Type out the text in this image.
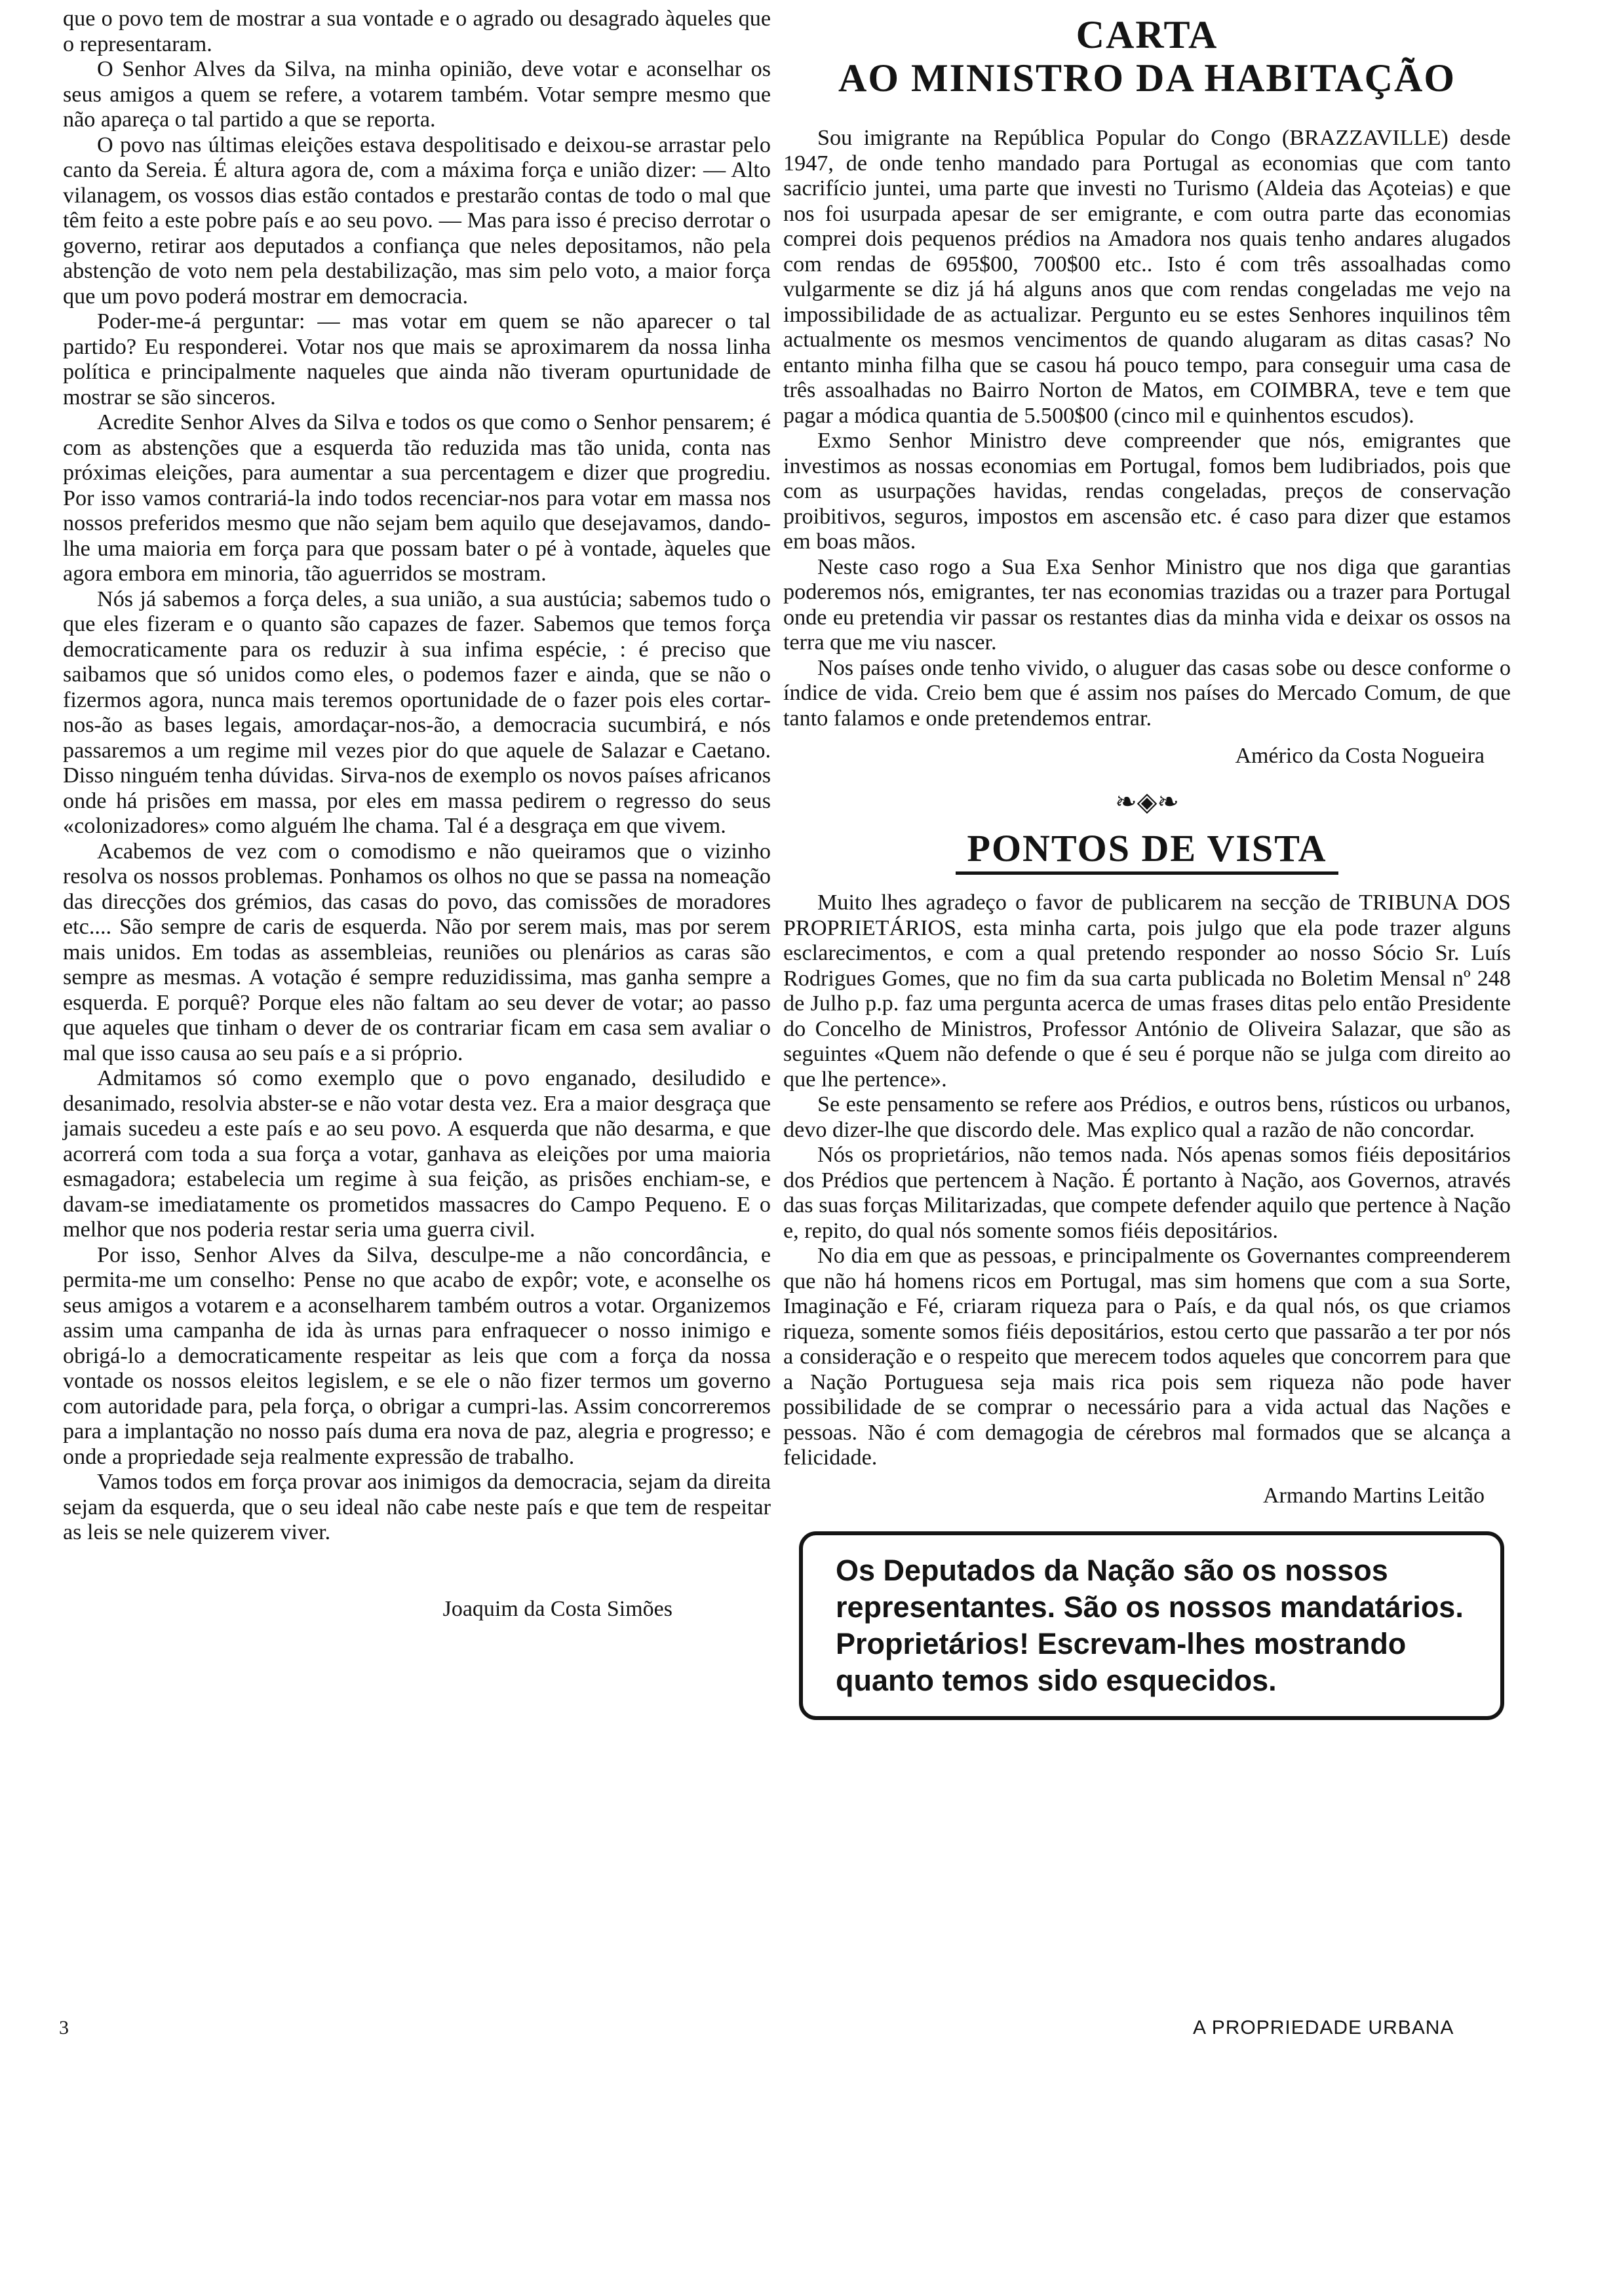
que o povo tem de mostrar a sua vontade e o agrado ou desagrado àqueles que o representaram.

O Senhor Alves da Silva, na minha opinião, deve votar e aconselhar os seus amigos a quem se refere, a votarem também. Votar sempre mesmo que não apareça o tal partido a que se reporta.

O povo nas últimas eleições estava despolitisado e deixou-se arrastar pelo canto da Sereia. É altura agora de, com a máxima força e união dizer: — Alto vilanagem, os vossos dias estão contados e prestarão contas de todo o mal que têm feito a este pobre país e ao seu povo. — Mas para isso é preciso derrotar o governo, retirar aos deputados a confiança que neles depositamos, não pela abstenção de voto nem pela destabilização, mas sim pelo voto, a maior força que um povo poderá mostrar em democracia.

Poder-me-á perguntar: — mas votar em quem se não aparecer o tal partido? Eu responderei. Votar nos que mais se aproximarem da nossa linha política e principalmente naqueles que ainda não tiveram opurtunidade de mostrar se são sinceros.

Acredite Senhor Alves da Silva e todos os que como o Senhor pensarem; é com as abstenções que a esquerda tão reduzida mas tão unida, conta nas próximas eleições, para aumentar a sua percentagem e dizer que progrediu. Por isso vamos contrariá-la indo todos recenciar-nos para votar em massa nos nossos preferidos mesmo que não sejam bem aquilo que desejavamos, dando-lhe uma maioria em força para que possam bater o pé à vontade, àqueles que agora embora em minoria, tão aguerridos se mostram.

Nós já sabemos a força deles, a sua união, a sua austúcia; sabemos tudo o que eles fizeram e o quanto são capazes de fazer. Sabemos que temos força democraticamente para os reduzir à sua infima espécie, : é preciso que saibamos que só unidos como eles, o podemos fazer e ainda, que se não o fizermos agora, nunca mais teremos oportunidade de o fazer pois eles cortar-nos-ão as bases legais, amordaçar-nos-ão, a democracia sucumbirá, e nós passaremos a um regime mil vezes pior do que aquele de Salazar e Caetano. Disso ninguém tenha dúvidas. Sirva-nos de exemplo os novos países africanos onde há prisões em massa, por eles em massa pedirem o regresso do seus «colonizadores» como alguém lhe chama. Tal é a desgraça em que vivem.

Acabemos de vez com o comodismo e não queiramos que o vizinho resolva os nossos problemas. Ponhamos os olhos no que se passa na nomeação das direcções dos grémios, das casas do povo, das comissões de moradores etc.... São sempre de caris de esquerda. Não por serem mais, mas por serem mais unidos. Em todas as assembleias, reuniões ou plenários as caras são sempre as mesmas. A votação é sempre reduzidissima, mas ganha sempre a esquerda. E porquê? Porque eles não faltam ao seu dever de votar; ao passo que aqueles que tinham o dever de os contrariar ficam em casa sem avaliar o mal que isso causa ao seu país e a si próprio.

Admitamos só como exemplo que o povo enganado, desiludido e desanimado, resolvia abster-se e não votar desta vez. Era a maior desgraça que jamais sucedeu a este país e ao seu povo. A esquerda que não desarma, e que acorrerá com toda a sua força a votar, ganhava as eleições por uma maioria esmagadora; estabelecia um regime à sua feição, as prisões enchiam-se, e davam-se imediatamente os prometidos massacres do Campo Pequeno. E o melhor que nos poderia restar seria uma guerra civil.

Por isso, Senhor Alves da Silva, desculpe-me a não concordância, e permita-me um conselho: Pense no que acabo de expôr; vote, e aconselhe os seus amigos a votarem e a aconselharem também outros a votar. Organizemos assim uma campanha de ida às urnas para enfraquecer o nosso inimigo e obrigá-lo a democraticamente respeitar as leis que com a força da nossa vontade os nossos eleitos legislem, e se ele o não fizer termos um governo com autoridade para, pela força, o obrigar a cumpri-las. Assim concorreremos para a implantação no nosso país duma era nova de paz, alegria e progresso; e onde a propriedade seja realmente expressão de trabalho.

Vamos todos em força provar aos inimigos da democracia, sejam da direita sejam da esquerda, que o seu ideal não cabe neste país e que tem de respeitar as leis se nele quizerem viver.

Joaquim da Costa Simões
CARTA
AO MINISTRO DA HABITAÇÃO

Sou imigrante na República Popular do Congo (BRAZZAVILLE) desde 1947, de onde tenho mandado para Portugal as economias que com tanto sacrifício juntei, uma parte que investi no Turismo (Aldeia das Açoteias) e que nos foi usurpada apesar de ser emigrante, e com outra parte das economias comprei dois pequenos prédios na Amadora nos quais tenho andares alugados com rendas de 695$00, 700$00 etc.. Isto é com três assoalhadas como vulgarmente se diz já há alguns anos que com rendas congeladas me vejo na impossibilidade de as actualizar. Pergunto eu se estes Senhores inquilinos têm actualmente os mesmos vencimentos de quando alugaram as ditas casas? No entanto minha filha que se casou há pouco tempo, para conseguir uma casa de três assoalhadas no Bairro Norton de Matos, em COIMBRA, teve e tem que pagar a módica quantia de 5.500$00 (cinco mil e quinhentos escudos).

Exmo Senhor Ministro deve compreender que nós, emigrantes que investimos as nossas economias em Portugal, fomos bem ludibriados, pois que com as usurpações havidas, rendas congeladas, preços de conservação proibitivos, seguros, impostos em ascensão etc. é caso para dizer que estamos em boas mãos.

Neste caso rogo a Sua Exa Senhor Ministro que nos diga que garantias poderemos nós, emigrantes, ter nas economias trazidas ou a trazer para Portugal onde eu pretendia vir passar os restantes dias da minha vida e deixar os ossos na terra que me viu nascer.

Nos países onde tenho vivido, o aluguer das casas sobe ou desce conforme o índice de vida. Creio bem que é assim nos países do Mercado Comum, de que tanto falamos e onde pretendemos entrar.

Américo da Costa Nogueira
❧◈❧
PONTOS DE VISTA

Muito lhes agradeço o favor de publicarem na secção de TRIBUNA DOS PROPRIETÁRIOS, esta minha carta, pois julgo que ela pode trazer alguns esclarecimentos, e com a qual pretendo responder ao nosso Sócio Sr. Luís Rodrigues Gomes, que no fim da sua carta publicada no Boletim Mensal nº 248 de Julho p.p. faz uma pergunta acerca de umas frases ditas pelo então Presidente do Concelho de Ministros, Professor António de Oliveira Salazar, que são as seguintes «Quem não defende o que é seu é porque não se julga com direito ao que lhe pertence».

Se este pensamento se refere aos Prédios, e outros bens, rústicos ou urbanos, devo dizer-lhe que discordo dele. Mas explico qual a razão de não concordar.

Nós os proprietários, não temos nada. Nós apenas somos fiéis depositários dos Prédios que pertencem à Nação. É portanto à Nação, aos Governos, através das suas forças Militarizadas, que compete defender aquilo que pertence à Nação e, repito, do qual nós somente somos fiéis depositários.

No dia em que as pessoas, e principalmente os Governantes compreenderem que não há homens ricos em Portugal, mas sim homens que com a sua Sorte, Imaginação e Fé, criaram riqueza para o País, e da qual nós, os que criamos riqueza, somente somos fiéis depositários, estou certo que passarão a ter por nós a consideração e o respeito que merecem todos aqueles que concorrem para que a Nação Portuguesa seja mais rica pois sem riqueza não pode haver possibilidade de se comprar o necessário para a vida actual das Nações e pessoas. Não é com demagogia de cérebros mal formados que se alcança a felicidade.

Armando Martins Leitão
Os Deputados da Nação são os nossos representantes. São os nossos mandatários.
Proprietários! Escrevam-lhes mostrando quanto temos sido esquecidos.
3	A PROPRIEDADE URBANA
